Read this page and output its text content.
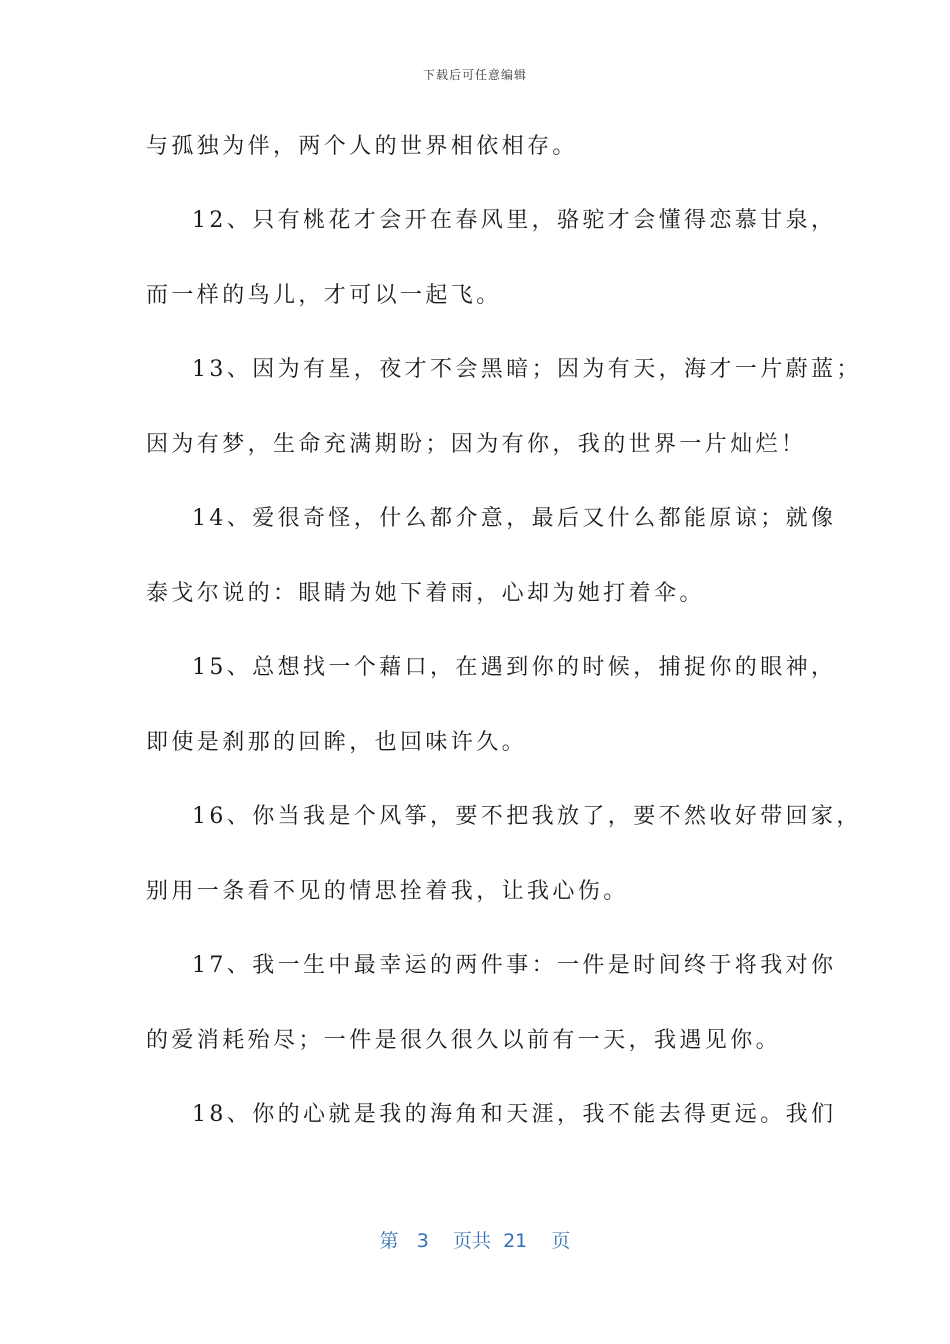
下载后可任意编辑
与孤独为伴，两个人的世界相依相存。
12、只有桃花才会开在春风里，骆驼才会懂得恋慕甘泉，
而一样的鸟儿，才可以一起飞。
13、因为有星，夜才不会黑暗；因为有天，海才一片蔚蓝；
因为有梦，生命充满期盼；因为有你，我的世界一片灿烂！
14、爱很奇怪，什么都介意，最后又什么都能原谅；就像
泰戈尔说的：眼睛为她下着雨，心却为她打着伞。
15、总想找一个藉口，在遇到你的时候，捕捉你的眼神，
即使是刹那的回眸，也回味许久。
16、你当我是个风筝，要不把我放了，要不然收好带回家，
别用一条看不见的情思拴着我，让我心伤。
17、我一生中最幸运的两件事：一件是时间终于将我对你
的爱消耗殆尽；一件是很久很久以前有一天，我遇见你。
18、你的心就是我的海角和天涯，我不能去得更远。我们
第 3 页共 21 页
